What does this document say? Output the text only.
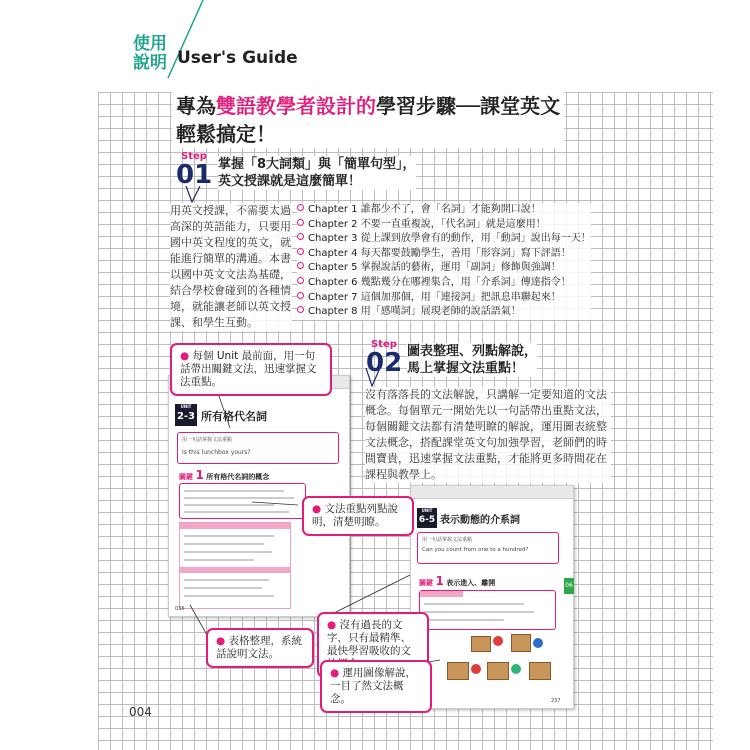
使用
說明 User's Guide
專為雙語教學者設計的學習步驟──課堂英文
輕鬆搞定！
Step
01 掌握「8大詞類」與「簡單句型」，
英文授課就是這麼簡單！
用英文授課，不需要太過高深的英語能力，只要用國中英文程度的英文，就能進行簡單的溝通。本書以國中英文文法為基礎，結合學校會碰到的各種情境，就能讓老師以英文授課、和學生互動。
Chapter 1 誰都少不了，會「名詞」才能夠開口說！
Chapter 2 不要一直重複說，「代名詞」就是這麼用！
Chapter 3 從上課到放學會有的動作，用「動詞」說出每一天！
Chapter 4 每天都要鼓勵學生，善用「形容詞」寫下評語！
Chapter 5 掌握說話的藝術，運用「副詞」修飾與強調！
Chapter 6 幾點幾分在哪裡集合，用「介系詞」傳達指令！
Chapter 7 這個加那個，用「連接詞」把訊息串聯起來！
Chapter 8 用「感嘆詞」展現老師的說話語氣！
Step
02 圖表整理、列點解說，
馬上掌握文法重點！
沒有落落長的文法解說，只講解一定要知道的文法概念。每個單元一開始先以一句話帶出重點文法，每個關鍵文法都有清楚明瞭的解說，運用圖表統整文法概念，搭配課堂英文句加強學習，老師們的時間寶貴，迅速掌握文法重點，才能將更多時間花在課程與教學上。
UNIT
2-3 所有格代名詞
用一句話掌握文法重點
Is this lunchbox yours?
關鍵 1 所有格代名詞的概念
036
UNIT
6-5 表示動態的介系詞
用一句話掌握文法重點
Can you count from one to a hundred?
關鍵 1 表示進入、離開	06
237
● 每個 Unit 最前面，用一句話帶出關鍵文法，迅速掌握文法重點。
● 文法重點列點說明，清楚明瞭。
● 表格整理，系統話說明文法。
● 沒有過長的文字，只有最精準、最快學習吸收的文
● 運用圖像解說，一目了然文法概念。
004
